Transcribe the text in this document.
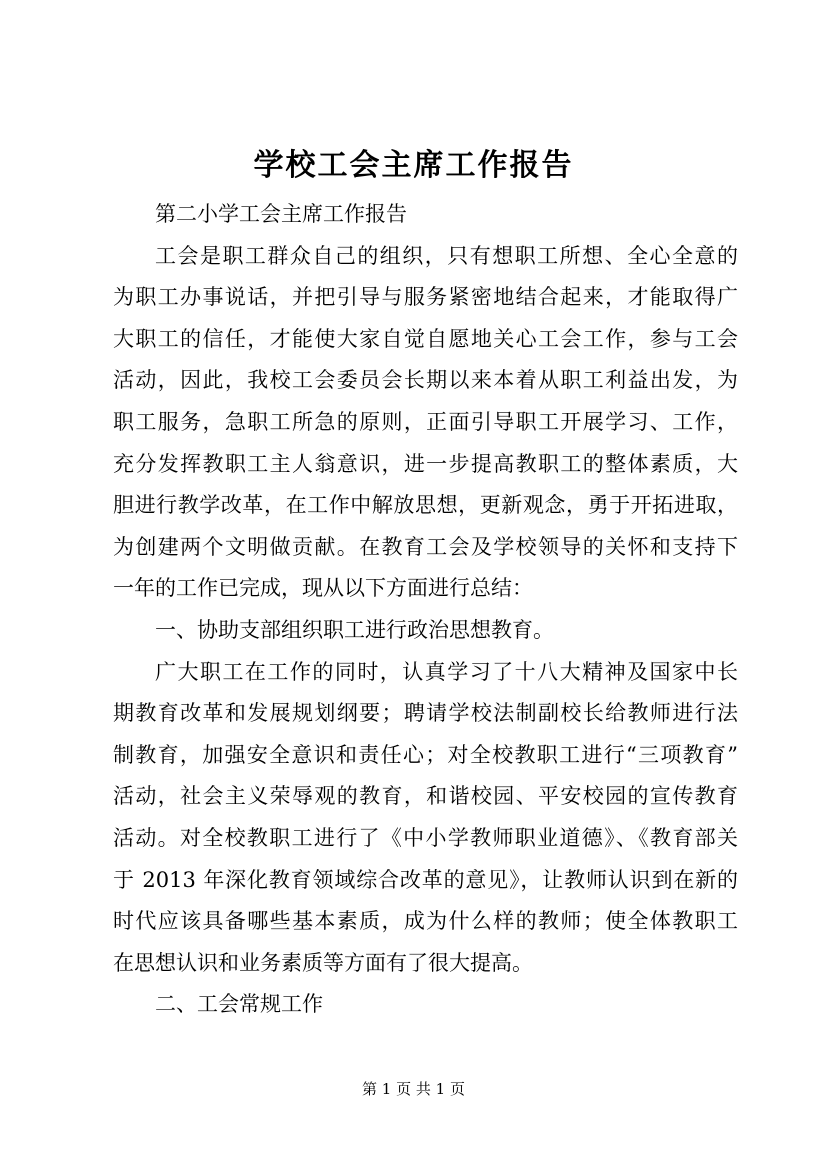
学校工会主席工作报告

第二小学工会主席工作报告

工会是职工群众自己的组织，只有想职工所想、全心全意的

为职工办事说话，并把引导与服务紧密地结合起来，才能取得广

大职工的信任，才能使大家自觉自愿地关心工会工作，参与工会

活动，因此，我校工会委员会长期以来本着从职工利益出发，为

职工服务，急职工所急的原则，正面引导职工开展学习、工作，

充分发挥教职工主人翁意识，进一步提高教职工的整体素质，大

胆进行教学改革，在工作中解放思想，更新观念，勇于开拓进取，

为创建两个文明做贡献。在教育工会及学校领导的关怀和支持下

一年的工作已完成，现从以下方面进行总结：

一、协助支部组织职工进行政治思想教育。

广大职工在工作的同时，认真学习了十八大精神及国家中长

期教育改革和发展规划纲要；聘请学校法制副校长给教师进行法

制教育，加强安全意识和责任心；对全校教职工进行“三项教育”

活动，社会主义荣辱观的教育，和谐校园、平安校园的宣传教育

活动。对全校教职工进行了《中小学教师职业道德》、《教育部关

于 2013 年深化教育领域综合改革的意见》，让教师认识到在新的

时代应该具备哪些基本素质，成为什么样的教师；使全体教职工

在思想认识和业务素质等方面有了很大提高。

二、工会常规工作

第 1 页 共 1 页
